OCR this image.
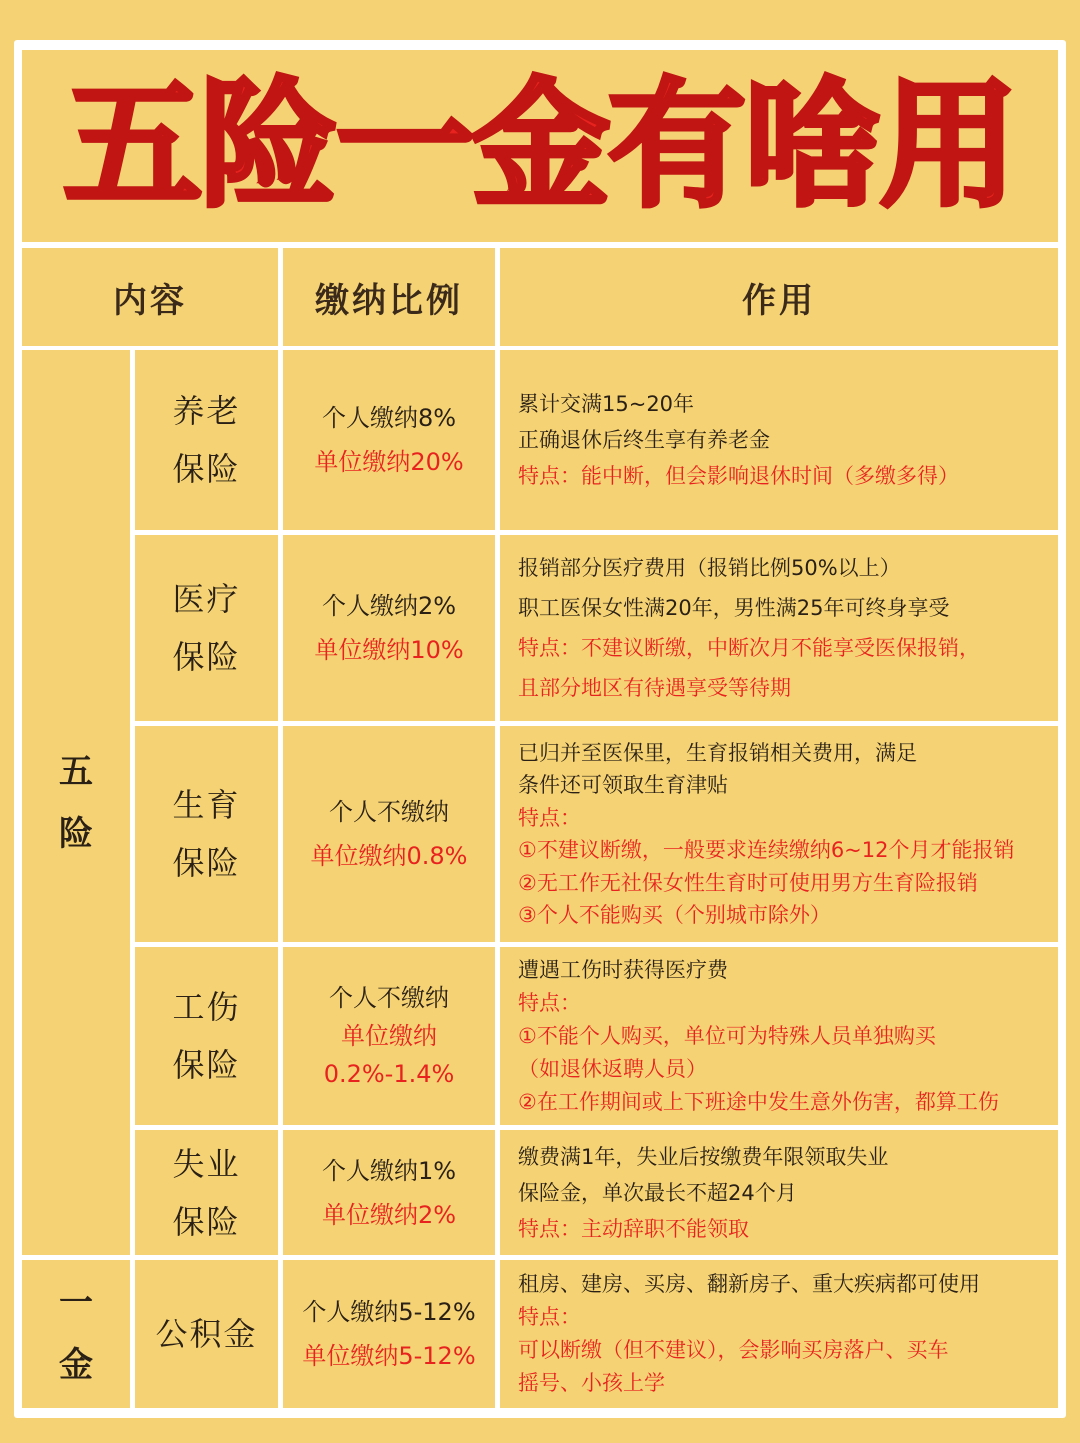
五险一金有啥用
内容	缴纳比例	作用
五
险
一
金
养老
保险
个人缴纳8%
单位缴纳20%
累计交满15~20年
正确退休后终生享有养老金
特点：能中断，但会影响退休时间（多缴多得）
医疗
保险
个人缴纳2%
单位缴纳10%
报销部分医疗费用（报销比例50%以上）
职工医保女性满20年，男性满25年可终身享受
特点：不建议断缴，中断次月不能享受医保报销，
且部分地区有待遇享受等待期
生育
保险
个人不缴纳
单位缴纳0.8%
已归并至医保里，生育报销相关费用，满足
条件还可领取生育津贴
特点：
①不建议断缴，一般要求连续缴纳6~12个月才能报销
②无工作无社保女性生育时可使用男方生育险报销
③个人不能购买（个别城市除外）
工伤
保险
个人不缴纳
单位缴纳
0.2%-1.4%
遭遇工伤时获得医疗费
特点：
①不能个人购买，单位可为特殊人员单独购买
（如退休返聘人员）
②在工作期间或上下班途中发生意外伤害，都算工伤
失业
保险
个人缴纳1%
单位缴纳2%
缴费满1年，失业后按缴费年限领取失业
保险金，单次最长不超24个月
特点：主动辞职不能领取
公积金
个人缴纳5-12%
单位缴纳5-12%
租房、建房、买房、翻新房子、重大疾病都可使用
特点：
可以断缴（但不建议），会影响买房落户、买车
摇号、小孩上学
